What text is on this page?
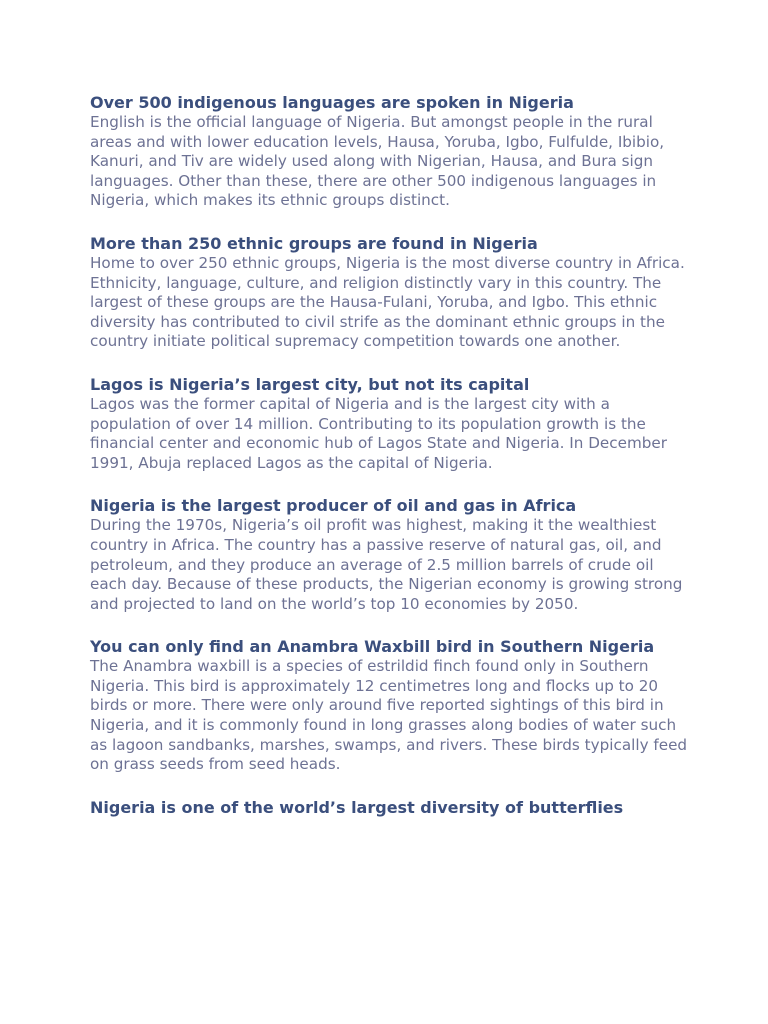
Over 500 indigenous languages are spoken in Nigeria

English is the official language of Nigeria. But amongst people in the rural areas and with lower education levels, Hausa, Yoruba, Igbo, Fulfulde, Ibibio, Kanuri, and Tiv are widely used along with Nigerian, Hausa, and Bura sign languages. Other than these, there are other 500 indigenous languages in Nigeria, which makes its ethnic groups distinct.

More than 250 ethnic groups are found in Nigeria

Home to over 250 ethnic groups, Nigeria is the most diverse country in Africa. Ethnicity, language, culture, and religion distinctly vary in this country. The largest of these groups are the Hausa-Fulani, Yoruba, and Igbo. This ethnic diversity has contributed to civil strife as the dominant ethnic groups in the country initiate political supremacy competition towards one another.

Lagos is Nigeria’s largest city, but not its capital

Lagos was the former capital of Nigeria and is the largest city with a population of over 14 million. Contributing to its population growth is the financial center and economic hub of Lagos State and Nigeria. In December 1991, Abuja replaced Lagos as the capital of Nigeria.

Nigeria is the largest producer of oil and gas in Africa

During the 1970s, Nigeria’s oil profit was highest, making it the wealthiest country in Africa. The country has a passive reserve of natural gas, oil, and petroleum, and they produce an average of 2.5 million barrels of crude oil each day. Because of these products, the Nigerian economy is growing strong and projected to land on the world’s top 10 economies by 2050.

You can only find an Anambra Waxbill bird in Southern Nigeria

The Anambra waxbill is a species of estrildid finch found only in Southern Nigeria. This bird is approximately 12 centimetres long and flocks up to 20 birds or more. There were only around five reported sightings of this bird in Nigeria, and it is commonly found in long grasses along bodies of water such as lagoon sandbanks, marshes, swamps, and rivers. These birds typically feed on grass seeds from seed heads.

Nigeria is one of the world’s largest diversity of butterflies
